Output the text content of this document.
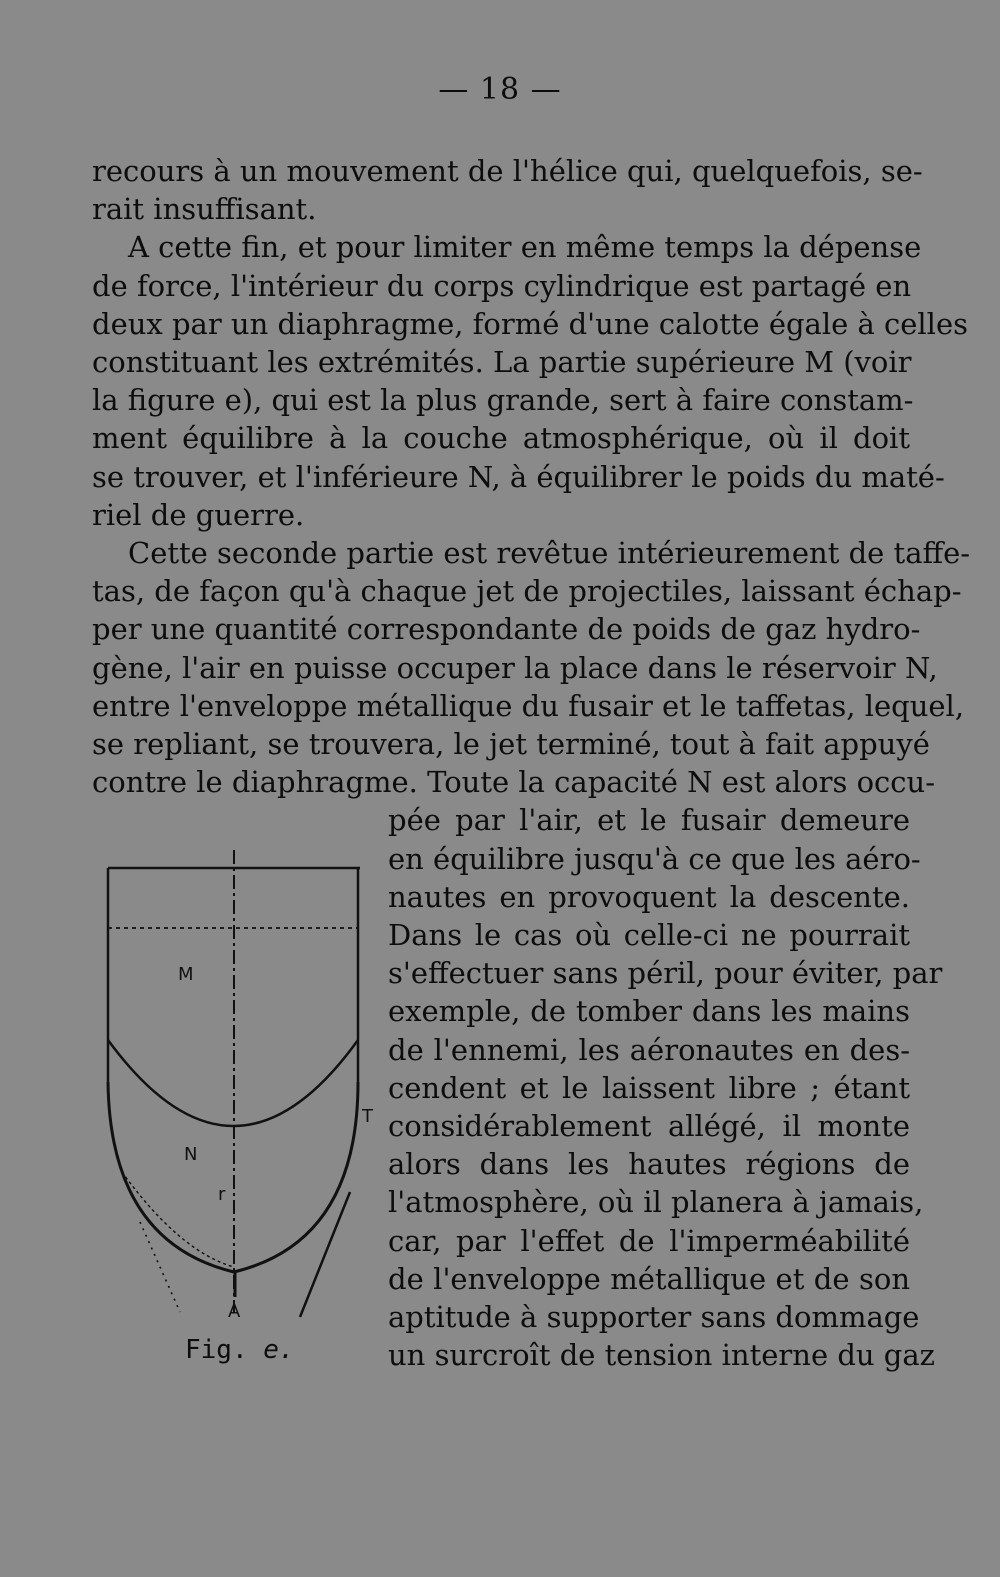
— 18 —
recours à un mouvement de l'hélice qui, quelquefois, se-
rait insuffisant.
A cette fin, et pour limiter en même temps la dépense
de force, l'intérieur du corps cylindrique est partagé en
deux par un diaphragme, formé d'une calotte égale à celles
constituant les extrémités. La partie supérieure M (voir
la figure e), qui est la plus grande, sert à faire constam-
ment équilibre à la couche atmosphérique, où il doit
se trouver, et l'inférieure N, à équilibrer le poids du maté-
riel de guerre.
Cette seconde partie est revêtue intérieurement de taffe-
tas, de façon qu'à chaque jet de projectiles, laissant échap-
per une quantité correspondante de poids de gaz hydro-
gène, l'air en puisse occuper la place dans le réservoir N,
entre l'enveloppe métallique du fusair et le taffetas, lequel,
se repliant, se trouvera, le jet terminé, tout à fait appuyé
contre le diaphragme. Toute la capacité N est alors occu-
pée par l'air, et le fusair demeure
en équilibre jusqu'à ce que les aéro-
nautes en provoquent la descente.
Dans le cas où celle-ci ne pourrait
s'effectuer sans péril, pour éviter, par
exemple, de tomber dans les mains
de l'ennemi, les aéronautes en des-
cendent et le laissent libre ; étant
considérablement allégé, il monte
alors dans les hautes régions de
l'atmosphère, où il planera à jamais,
car, par l'effet de l'imperméabilité
de l'enveloppe métallique et de son
aptitude à supporter sans dommage
un surcroît de tension interne du gaz
M
N
r
T
A
Fig. e.
